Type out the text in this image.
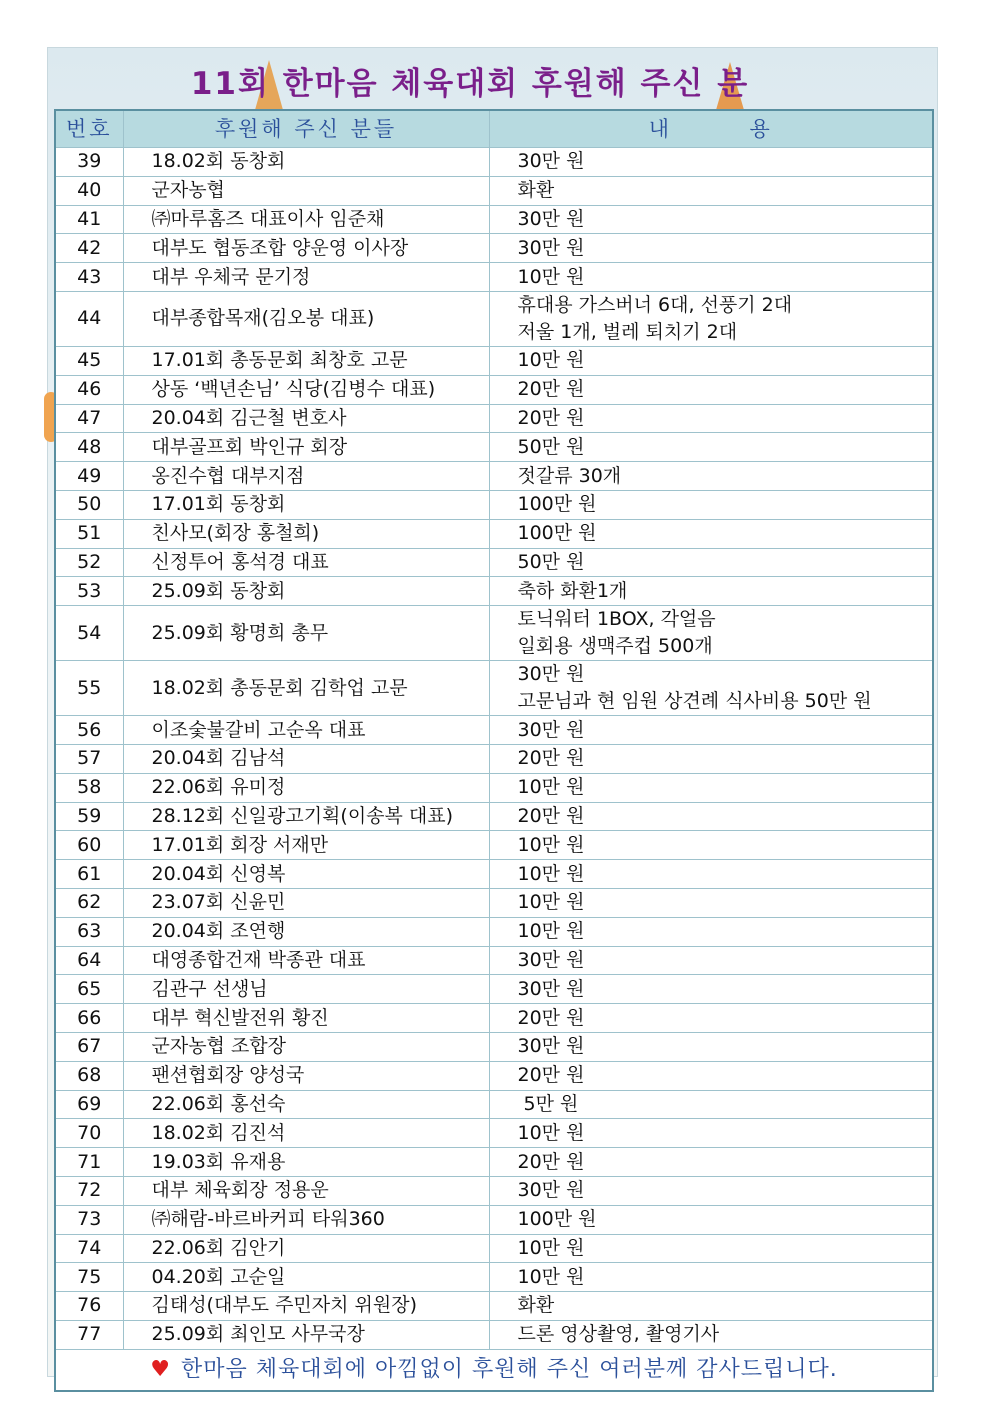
11회 한마음 체육대회 후원해 주신 분
번호	후원해 주신 분들	내        용
39	18.02회 동창회	30만 원

40	군자농협	화환

41	㈜마루홈즈 대표이사 임준채	30만 원

42	대부도 협동조합 양운영 이사장	30만 원

43	대부 우체국 문기정	10만 원

44	대부종합목재(김오봉 대표)	휴대용 가스버너 6대, 선풍기 2대
저울 1개, 벌레 퇴치기 2대

45	17.01회 총동문회 최창호 고문	10만 원

46	상동 ‘백년손님’ 식당(김병수 대표)	20만 원

47	20.04회 김근철 변호사	20만 원

48	대부골프회 박인규 회장	50만 원

49	옹진수협 대부지점	젓갈류 30개

50	17.01회 동창회	100만 원

51	친사모(회장 홍철희)	100만 원

52	신정투어 홍석경 대표	50만 원

53	25.09회 동창회	축하 화환1개

54	25.09회 황명희 총무	토닉워터 1BOX, 각얼음
일회용 생맥주컵 500개

55	18.02회 총동문회 김학업 고문	30만 원
고문님과 현 임원 상견례 식사비용 50만 원

56	이조숯불갈비 고순옥 대표	30만 원

57	20.04회 김남석	20만 원

58	22.06회 유미정	10만 원

59	28.12회 신일광고기획(이송복 대표)	20만 원

60	17.01회 회장 서재만	10만 원

61	20.04회 신영복	10만 원

62	23.07회 신윤민	10만 원

63	20.04회 조연행	10만 원

64	대영종합건재 박종관 대표	30만 원

65	김관구 선생님	30만 원

66	대부 혁신발전위 황진	20만 원

67	군자농협 조합장	30만 원

68	팬션협회장 양성국	20만 원

69	22.06회 홍선숙	5만 원

70	18.02회 김진석	10만 원

71	19.03회 유재용	20만 원

72	대부 체육회장 정용운	30만 원

73	㈜해람-바르바커피 타워360	100만 원

74	22.06회 김안기	10만 원

75	04.20회 고순일	10만 원

76	김태성(대부도 주민자치 위원장)	화환

77	25.09회 최인모 사무국장	드론 영상촬영, 촬영기사

♥ 한마음 체육대회에 아낌없이 후원해 주신 여러분께 감사드립니다.		
